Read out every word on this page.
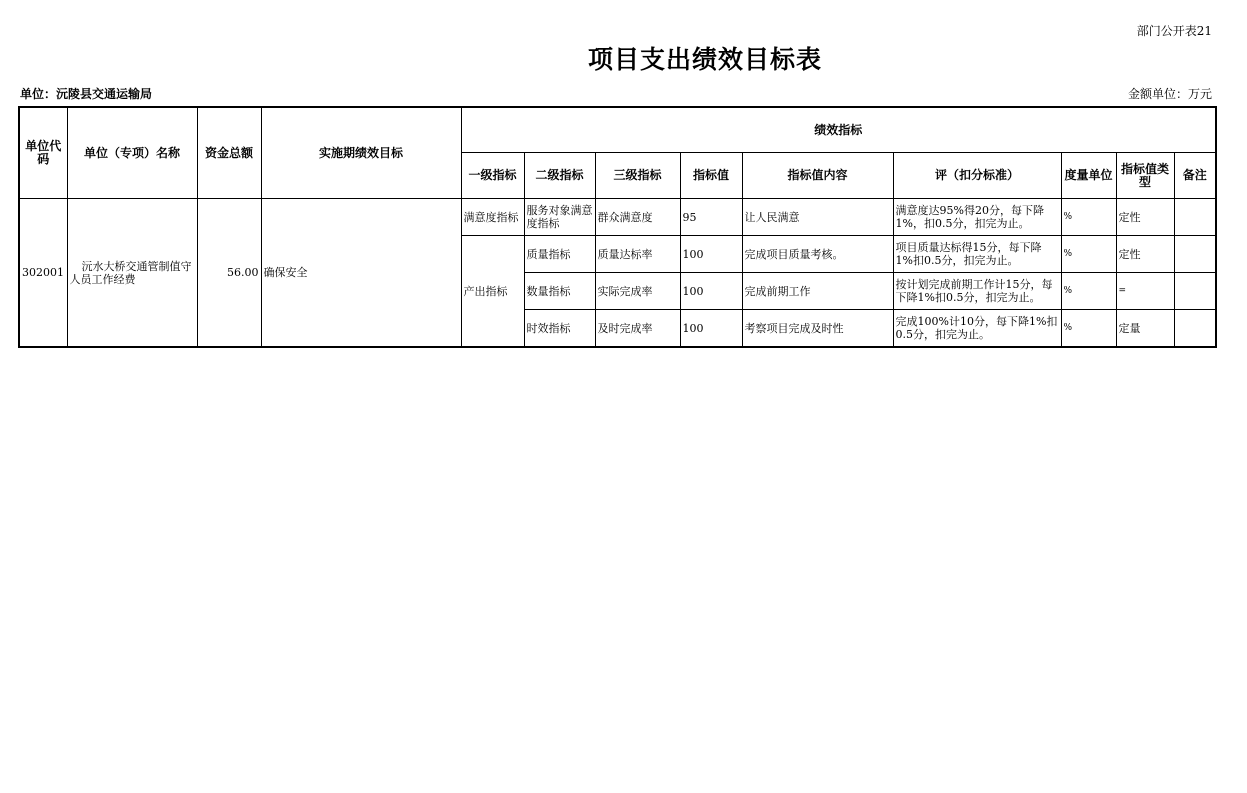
部门公开表21
项目支出绩效目标表
单位：沅陵县交通运输局	金额单位：万元
单位代码	单位（专项）名称	资金总额	实施期绩效目标	绩效指标								
				一级指标	二级指标	三级指标	指标值	指标值内容	评（扣分标准）	度量单位	指标值类型	备注
302001	沅水大桥交通管制值守人员工作经费	56.00	确保安全	满意度指标	服务对象满意度指标	群众满意度	95	让人民满意	满意度达95%得20分，每下降1%，扣0.5分，扣完为止。	%	定性	
				产出指标	质量指标	质量达标率	100	完成项目质量考核。	项目质量达标得15分，每下降1%扣0.5分，扣完为止。	%	定性	
					数量指标	实际完成率	100	完成前期工作	按计划完成前期工作计15分，每下降1%扣0.5分，扣完为止。	%	=	
					时效指标	及时完成率	100	考察项目完成及时性	完成100%计10分，每下降1%扣0.5分，扣完为止。	%	定量	
